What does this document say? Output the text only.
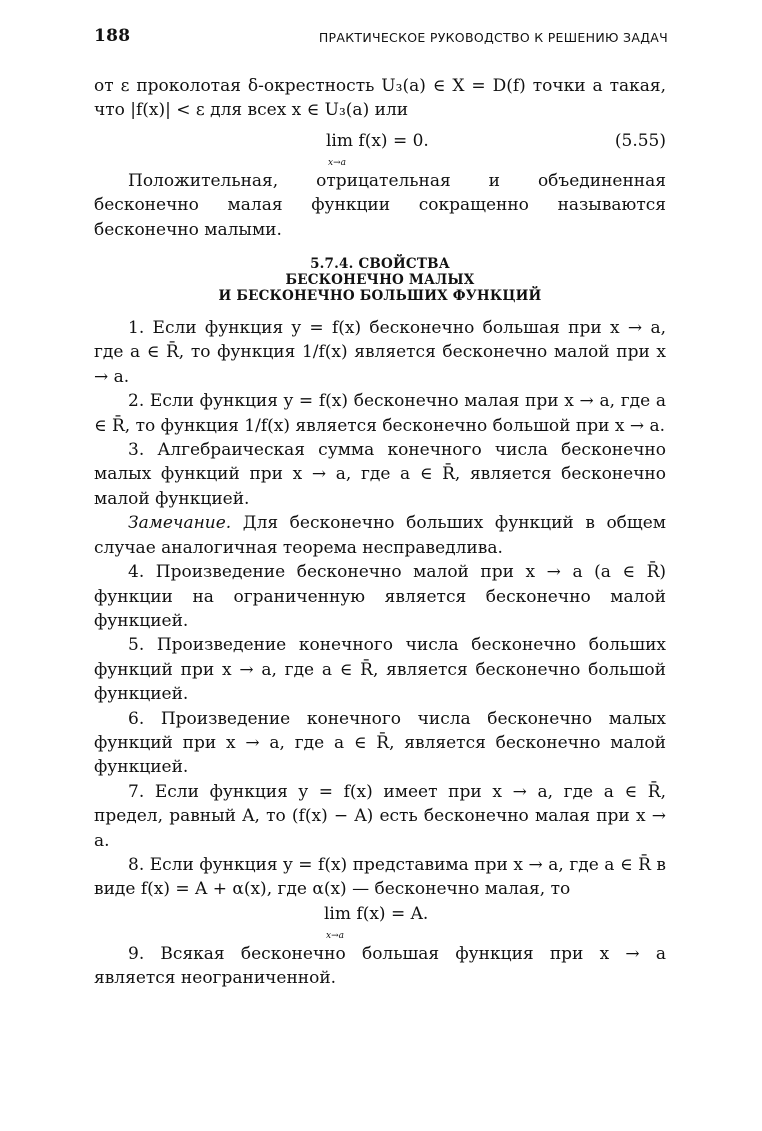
188	ПРАКТИЧЕСКОЕ РУКОВОДСТВО К РЕШЕНИЮ ЗАДАЧ

от ε проколотая δ-окрестность U₃(a) ∈ X = D(f) точки a такая, что |f(x)| < ε для всех x ∈ U₃(a) или

lim f(x) = 0.
x→a
(5.55)

Положительная, отрицательная и объединенная бесконечно малая функции сокращенно называются бесконечно малыми.

5.7.4. СВОЙСТВА
БЕСКОНЕЧНО МАЛЫХ
И БЕСКОНЕЧНО БОЛЬШИХ ФУНКЦИЙ

1. Если функция y = f(x) бесконечно большая при x → a, где a ∈ R̄, то функция 1/f(x) является бесконечно малой при x → a.

2. Если функция y = f(x) бесконечно малая при x → a, где a ∈ R̄, то функция 1/f(x) является бесконечно большой при x → a.

3. Алгебраическая сумма конечного числа бесконечно малых функций при x → a, где a ∈ R̄, является бесконечно малой функцией.

Замечание. Для бесконечно больших функций в общем случае аналогичная теорема несправедлива.

4. Произведение бесконечно малой при x → a (a ∈ R̄) функции на ограниченную является бесконечно малой функцией.

5. Произведение конечного числа бесконечно больших функций при x → a, где a ∈ R̄, является бесконечно большой функцией.

6. Произведение конечного числа бесконечно малых функций при x → a, где a ∈ R̄, является бесконечно малой функцией.

7. Если функция y = f(x) имеет при x → a, где a ∈ R̄, предел, равный A, то (f(x) − A) есть бесконечно малая при x → a.

8. Если функция y = f(x) представима при x → a, где a ∈ R̄ в виде f(x) = A + α(x), где α(x) — бесконечно малая, то

lim f(x) = A.
x→a

9. Всякая бесконечно большая функция при x → a является неограниченной.
